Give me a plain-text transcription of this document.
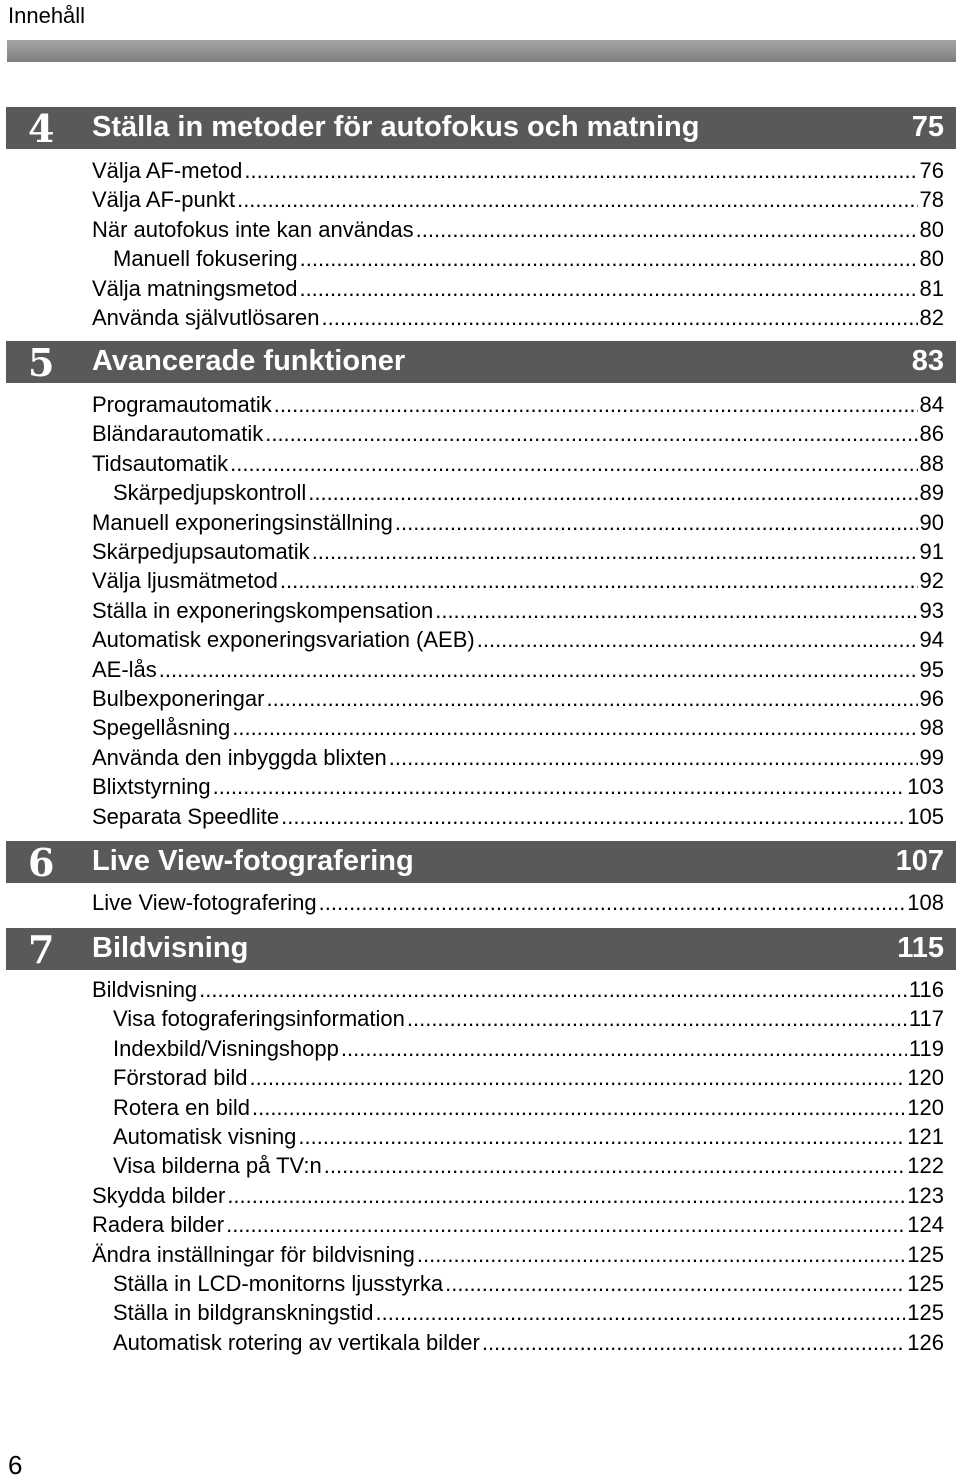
Innehåll
4 Ställa in metoder för autofokus och matning	75
Välja AF-metod .....	76
Välja AF-punkt .....	78
När autofokus inte kan användas .....	80
Manuell fokusering .....	80
Välja matningsmetod .....	81
Använda självutlösaren .....	82
5 Avancerade funktioner	83
Programautomatik .....	84
Bländarautomatik .....	86
Tidsautomatik .....	88
Skärpedjupskontroll .....	89
Manuell exponeringsinställning .....	90
Skärpedjupsautomatik .....	91
Välja ljusmätmetod .....	92
Ställa in exponeringskompensation .....	93
Automatisk exponeringsvariation (AEB) .....	94
AE-lås .....	95
Bulbexponeringar .....	96
Spegellåsning .....	98
Använda den inbyggda blixten .....	99
Blixtstyrning .....	103
Separata Speedlite .....	105
6 Live View-fotografering	107
Live View-fotografering .....	108
7 Bildvisning	115
Bildvisning .....	116
Visa fotograferingsinformation .....	117
Indexbild/Visningshopp .....	119
Förstorad bild .....	120
Rotera en bild .....	120
Automatisk visning .....	121
Visa bilderna på TV:n .....	122
Skydda bilder .....	123
Radera bilder .....	124
Ändra inställningar för bildvisning .....	125
Ställa in LCD-monitorns ljusstyrka .....	125
Ställa in bildgranskningstid .....	125
Automatisk rotering av vertikala bilder .....	126
6
